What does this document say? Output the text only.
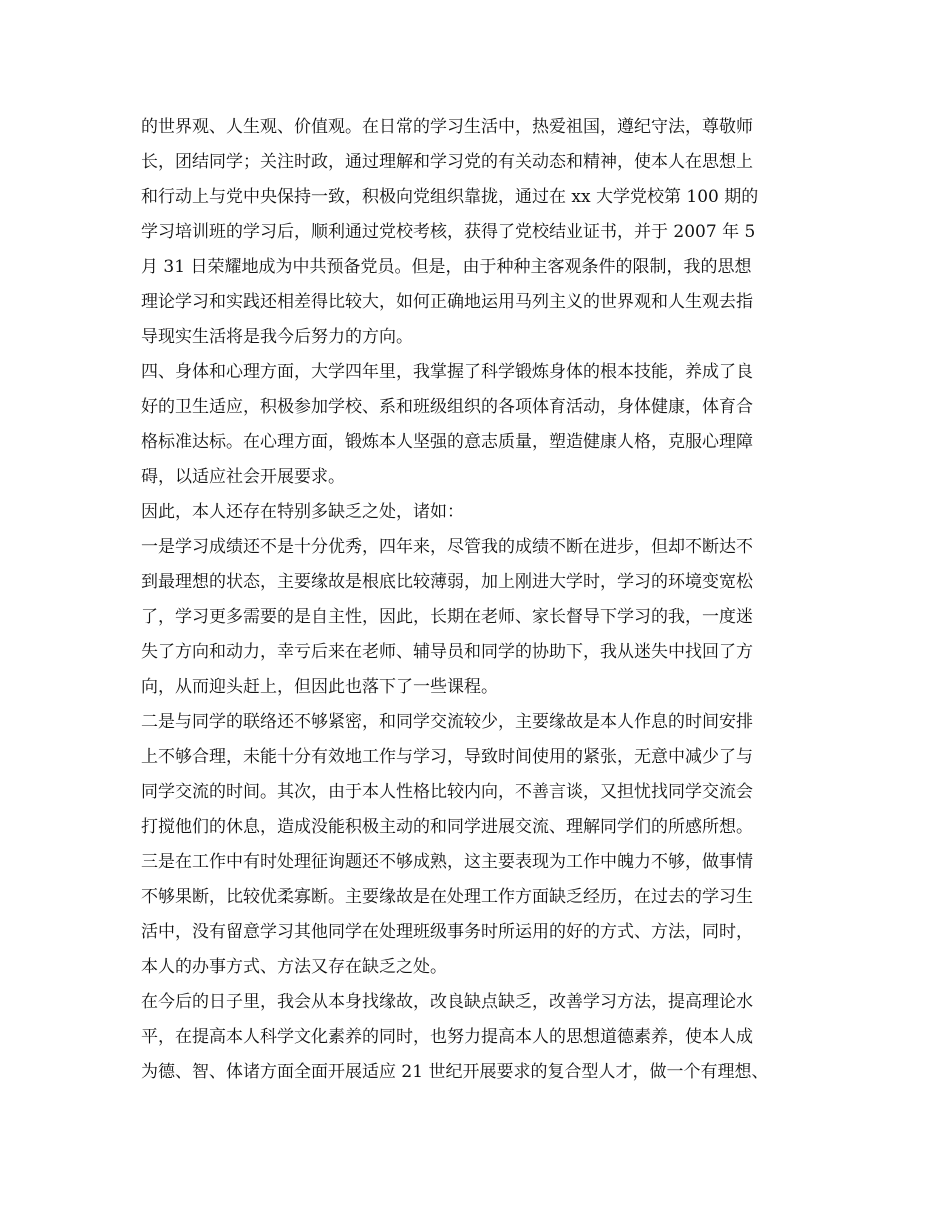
的世界观、人生观、价值观。在日常的学习生活中，热爱祖国，遵纪守法，尊敬师
长，团结同学；关注时政，通过理解和学习党的有关动态和精神，使本人在思想上
和行动上与党中央保持一致，积极向党组织靠拢，通过在 xx 大学党校第 100 期的
学习培训班的学习后，顺利通过党校考核，获得了党校结业证书，并于 2007 年 5
月 31 日荣耀地成为中共预备党员。但是，由于种种主客观条件的限制，我的思想
理论学习和实践还相差得比较大，如何正确地运用马列主义的世界观和人生观去指
导现实生活将是我今后努力的方向。
四、身体和心理方面，大学四年里，我掌握了科学锻炼身体的根本技能，养成了良
好的卫生适应，积极参加学校、系和班级组织的各项体育活动，身体健康，体育合
格标准达标。在心理方面，锻炼本人坚强的意志质量，塑造健康人格，克服心理障
碍，以适应社会开展要求。
因此，本人还存在特别多缺乏之处，诸如：
一是学习成绩还不是十分优秀，四年来，尽管我的成绩不断在进步，但却不断达不
到最理想的状态，主要缘故是根底比较薄弱，加上刚进大学时，学习的环境变宽松
了，学习更多需要的是自主性，因此，长期在老师、家长督导下学习的我，一度迷
失了方向和动力，幸亏后来在老师、辅导员和同学的协助下，我从迷失中找回了方
向，从而迎头赶上，但因此也落下了一些课程。
二是与同学的联络还不够紧密，和同学交流较少，主要缘故是本人作息的时间安排
上不够合理，未能十分有效地工作与学习，导致时间使用的紧张，无意中减少了与
同学交流的时间。其次，由于本人性格比较内向，不善言谈，又担忧找同学交流会
打搅他们的休息，造成没能积极主动的和同学进展交流、理解同学们的所感所想。
三是在工作中有时处理征询题还不够成熟，这主要表现为工作中魄力不够，做事情
不够果断，比较优柔寡断。主要缘故是在处理工作方面缺乏经历，在过去的学习生
活中，没有留意学习其他同学在处理班级事务时所运用的好的方式、方法，同时，
本人的办事方式、方法又存在缺乏之处。
在今后的日子里，我会从本身找缘故，改良缺点缺乏，改善学习方法，提高理论水
平，在提高本人科学文化素养的同时，也努力提高本人的思想道德素养，使本人成
为德、智、体诸方面全面开展适应 21 世纪开展要求的复合型人才，做一个有理想、
